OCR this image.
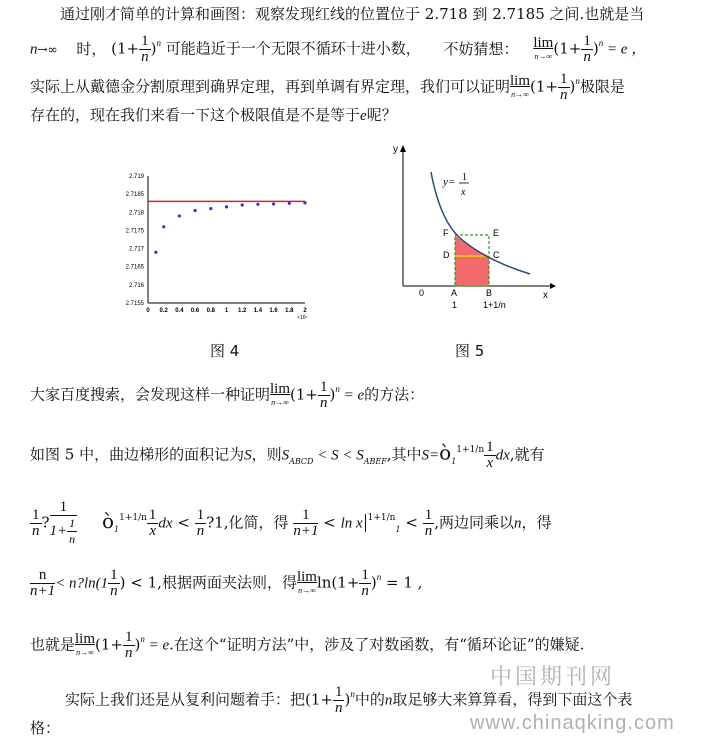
通过刚才简单的计算和画图：观察发现红线的位置位于 2.718 到 2.7185 之间.也就是当
n→∞ 时， $(1+ \frac{1}{n} )^n$ 可能趋近于一个无限不循环十进小数， 不妨猜想： lim
n→∞ $(1+ \frac{1}{n} )^n = e$ ，
实际上从戴德金分割原理到确界定理，再到单调有界定理，我们可以证明 lim
n→∞ $(1+ \frac{1}{n} )^n$极限是
存在的，现在我们来看一下这个极限值是不是等于e呢？
2.7155
2.716
2.7165
2.717
2.7175
2.718
2.7185
2.719
0 0.2 0.4 0.6 0.8 1 1.2 1.4 1.6 1.8 2
×10⁷
图 4
y
x
y= 1
x
F	E
D	C
0	A	B
1	1+1/n
图 5
大家百度搜索，会发现这样一种证明 lim
n→∞ $(1+ \frac{1}{n} )^n = e$的方法：
如图 5 中，曲边梯形的面积记为S，则$S_{ABCD} < S < S_{ABEF}$,其中$S=ò_1^{1+1/n} \frac{1}{x}$ dx,就有
$\frac{1}{n}$ ? $\frac{1}{1+ \frac{1}{n}}$ $ò_1^{1+1/n} \frac{1}{x}$ dx < $\frac{1}{n}$ ?1,化简，得 $\frac{1}{n+1} < \ln x$ $^{1+1/n}_1 < \frac{1}{n}$ ,两边同乘以n，得
$\frac{n}{n+1}$ < n?ln(1 $\frac{1}{n}$ ) < 1,根据两面夹法则，得 lim
n→∞ $\ln(1+ \frac{1}{n} )^n = 1$ ,
也就是 lim
n→∞ $(1+ \frac{1}{n} )^n = e$.在这个“证明方法”中，涉及了对数函数，有“循环论证”的嫌疑.
实际上我们还是从复利问题着手：把$(1+ \frac{1}{n} )^n$中的n取足够大来算算看，得到下面这个表
格：
中国期刊网
www.chinaqking.com
